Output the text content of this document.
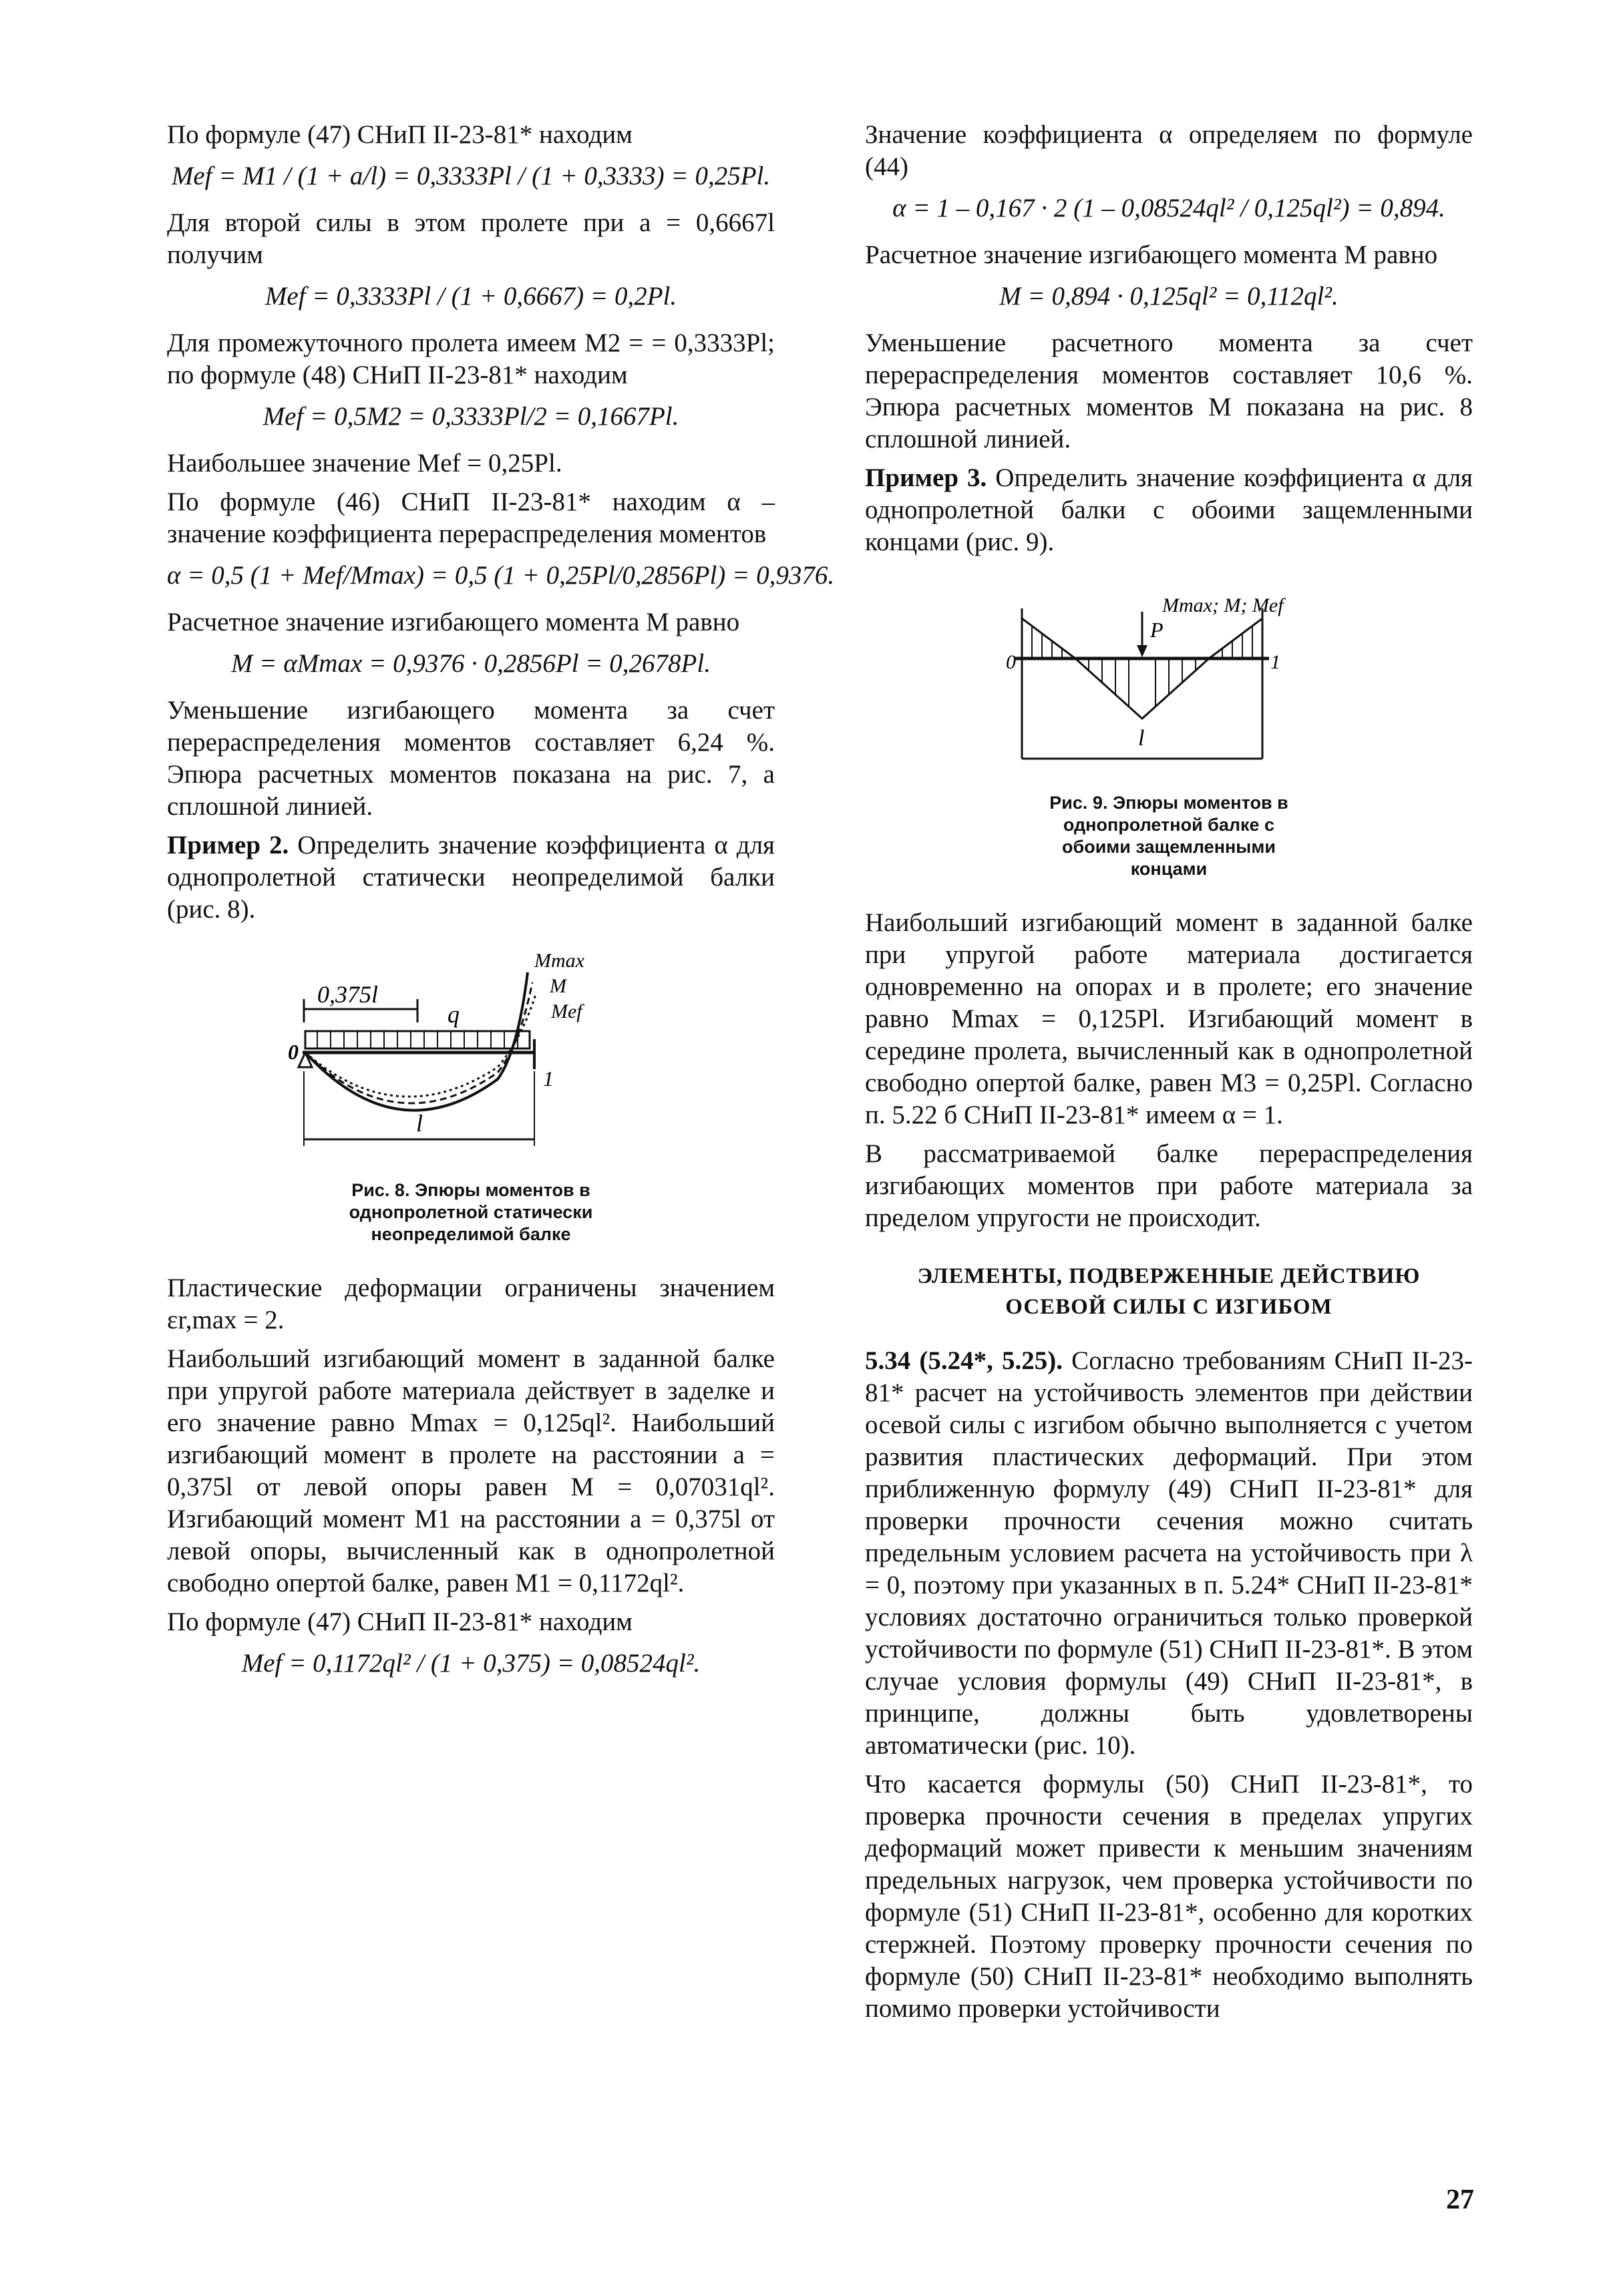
По формуле (47) СНиП II-23-81* находим

Mef = M1 / (1 + a/l) = 0,3333Pl / (1 + 0,3333) = 0,25Pl.

Для второй силы в этом пролете при a = 0,6667l получим

Mef = 0,3333Pl / (1 + 0,6667) = 0,2Pl.

Для промежуточного пролета имеем M2 = = 0,3333Pl; по формуле (48) СНиП II-23-81* находим

Mef = 0,5M2 = 0,3333Pl/2 = 0,1667Pl.

Наибольшее значение Mef = 0,25Pl.

По формуле (46) СНиП II-23-81* находим α – значение коэффициента перераспределения моментов

α = 0,5 (1 + Mef/Mmax) = 0,5 (1 + 0,25Pl/0,2856Pl) = 0,9376.

Расчетное значение изгибающего момента M равно

M = αMmax = 0,9376 · 0,2856Pl = 0,2678Pl.

Уменьшение изгибающего момента за счет перераспределения моментов составляет 6,24 %. Эпюра расчетных моментов показана на рис. 7, а сплошной линией.

Пример 2. Определить значение коэффициента α для однопролетной статически неопределимой балки (рис. 8).

0,375l
q
0
1
Mmax
M
Mef
l
Рис. 8. Эпюры моментов в однопролетной статически неопределимой балке

Пластические деформации ограничены значением εr,max = 2.

Наибольший изгибающий момент в заданной балке при упругой работе материала действует в заделке и его значение равно Mmax = 0,125ql². Наибольший изгибающий момент в пролете на расстоянии a = 0,375l от левой опоры равен M = 0,07031ql². Изгибающий момент M1 на расстоянии a = 0,375l от левой опоры, вычисленный как в однопролетной свободно опертой балке, равен M1 = 0,1172ql².

По формуле (47) СНиП II-23-81* находим

Mef = 0,1172ql² / (1 + 0,375) = 0,08524ql².

Значение коэффициента α определяем по формуле (44)

α = 1 – 0,167 · 2 (1 – 0,08524ql² / 0,125ql²) = 0,894.

Расчетное значение изгибающего момента M равно

M = 0,894 · 0,125ql² = 0,112ql².

Уменьшение расчетного момента за счет перераспределения моментов составляет 10,6 %. Эпюра расчетных моментов M показана на рис. 8 сплошной линией.

Пример 3. Определить значение коэффициента α для однопролетной балки с обоими защемленными концами (рис. 9).

Mmax; M; Mef
P
0	1
l
Рис. 9. Эпюры моментов в однопролетной балке с обоими защемленными концами

Наибольший изгибающий момент в заданной балке при упругой работе материала достигается одновременно на опорах и в пролете; его значение равно Mmax = 0,125Pl. Изгибающий момент в середине пролета, вычисленный как в однопролетной свободно опертой балке, равен M3 = 0,25Pl. Согласно п. 5.22 б СНиП II-23-81* имеем α = 1.

В рассматриваемой балке перераспределения изгибающих моментов при работе материала за пределом упругости не происходит.

ЭЛЕМЕНТЫ, ПОДВЕРЖЕННЫЕ ДЕЙСТВИЮ ОСЕВОЙ СИЛЫ С ИЗГИБОМ

5.34 (5.24*, 5.25). Согласно требованиям СНиП II-23-81* расчет на устойчивость элементов при действии осевой силы с изгибом обычно выполняется с учетом развития пластических деформаций. При этом приближенную формулу (49) СНиП II-23-81* для проверки прочности сечения можно считать предельным условием расчета на устойчивость при λ = 0, поэтому при указанных в п. 5.24* СНиП II-23-81* условиях достаточно ограничиться только проверкой устойчивости по формуле (51) СНиП II-23-81*. В этом случае условия формулы (49) СНиП II-23-81*, в принципе, должны быть удовлетворены автоматически (рис. 10).

Что касается формулы (50) СНиП II-23-81*, то проверка прочности сечения в пределах упругих деформаций может привести к меньшим значениям предельных нагрузок, чем проверка устойчивости по формуле (51) СНиП II-23-81*, особенно для коротких стержней. Поэтому проверку прочности сечения по формуле (50) СНиП II-23-81* необходимо выполнять помимо проверки устойчивости

27
